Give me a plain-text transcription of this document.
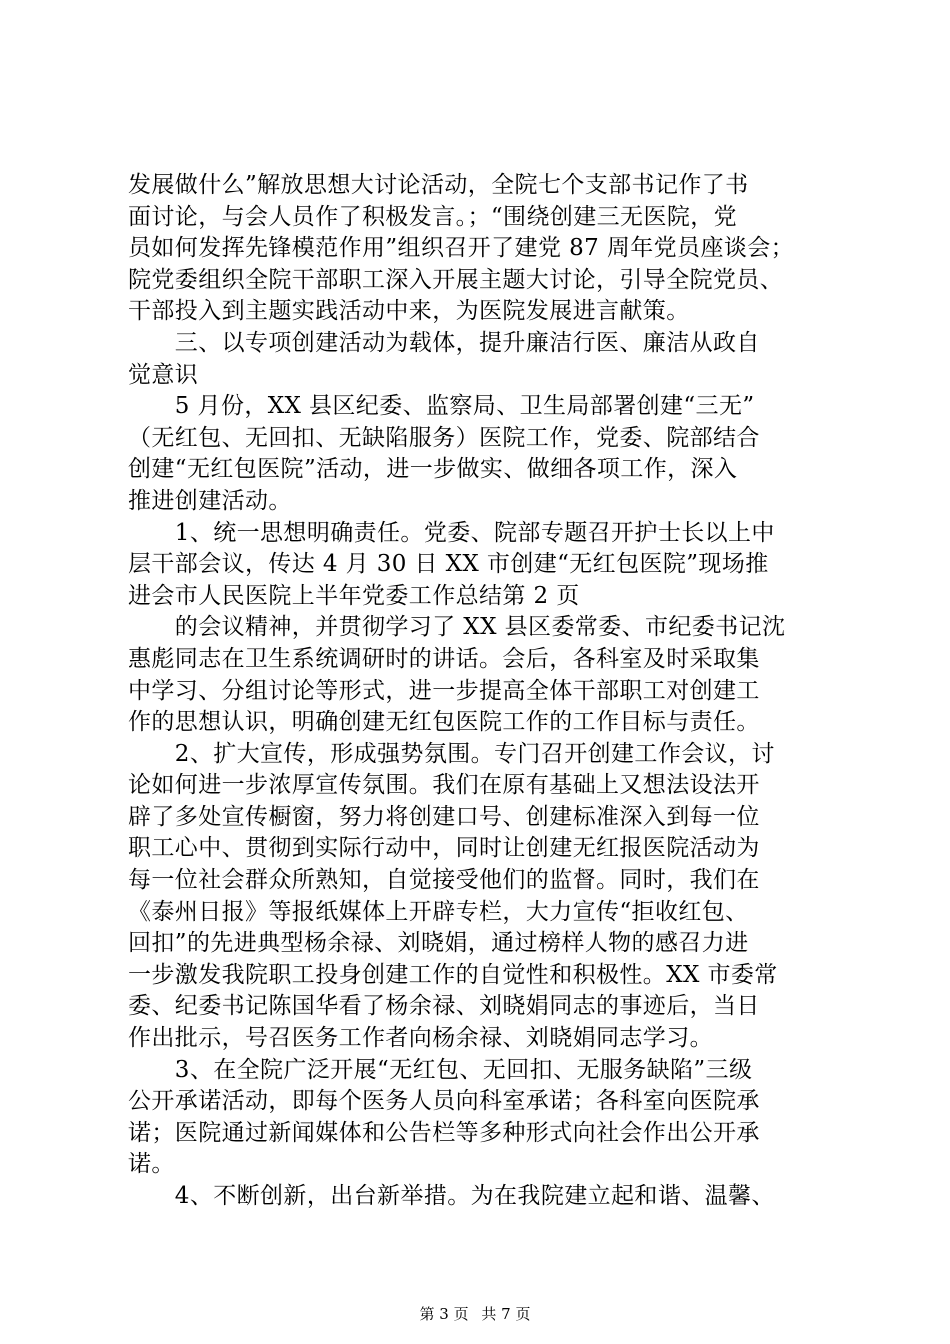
发展做什么”解放思想大讨论活动，全院七个支部书记作了书
面讨论，与会人员作了积极发言。；“围绕创建三无医院，党
员如何发挥先锋模范作用”组织召开了建党 87 周年党员座谈会；
院党委组织全院干部职工深入开展主题大讨论，引导全院党员、
干部投入到主题实践活动中来，为医院发展进言献策。
　　三、以专项创建活动为载体，提升廉洁行医、廉洁从政自
觉意识
　　5 月份，XX 县区纪委、监察局、卫生局部署创建“三无”
（无红包、无回扣、无缺陷服务）医院工作，党委、院部结合
创建“无红包医院”活动，进一步做实、做细各项工作，深入
推进创建活动。
　　1、统一思想明确责任。党委、院部专题召开护士长以上中
层干部会议，传达 4 月 30 日 XX 市创建“无红包医院”现场推
进会市人民医院上半年党委工作总结第 2 页
　　的会议精神，并贯彻学习了 XX 县区委常委、市纪委书记沈
惠彪同志在卫生系统调研时的讲话。会后，各科室及时采取集
中学习、分组讨论等形式，进一步提高全体干部职工对创建工
作的思想认识，明确创建无红包医院工作的工作目标与责任。
　　2、扩大宣传，形成强势氛围。专门召开创建工作会议，讨
论如何进一步浓厚宣传氛围。我们在原有基础上又想法设法开
辟了多处宣传橱窗，努力将创建口号、创建标准深入到每一位
职工心中、贯彻到实际行动中，同时让创建无红报医院活动为
每一位社会群众所熟知，自觉接受他们的监督。同时，我们在
《泰州日报》等报纸媒体上开辟专栏，大力宣传“拒收红包、
回扣”的先进典型杨余禄、刘晓娟，通过榜样人物的感召力进
一步激发我院职工投身创建工作的自觉性和积极性。XX 市委常
委、纪委书记陈国华看了杨余禄、刘晓娟同志的事迹后，当日
作出批示，号召医务工作者向杨余禄、刘晓娟同志学习。
　　3、在全院广泛开展“无红包、无回扣、无服务缺陷”三级
公开承诺活动，即每个医务人员向科室承诺；各科室向医院承
诺；医院通过新闻媒体和公告栏等多种形式向社会作出公开承
诺。
　　4、不断创新，出台新举措。为在我院建立起和谐、温馨、
第 3 页 共 7 页
